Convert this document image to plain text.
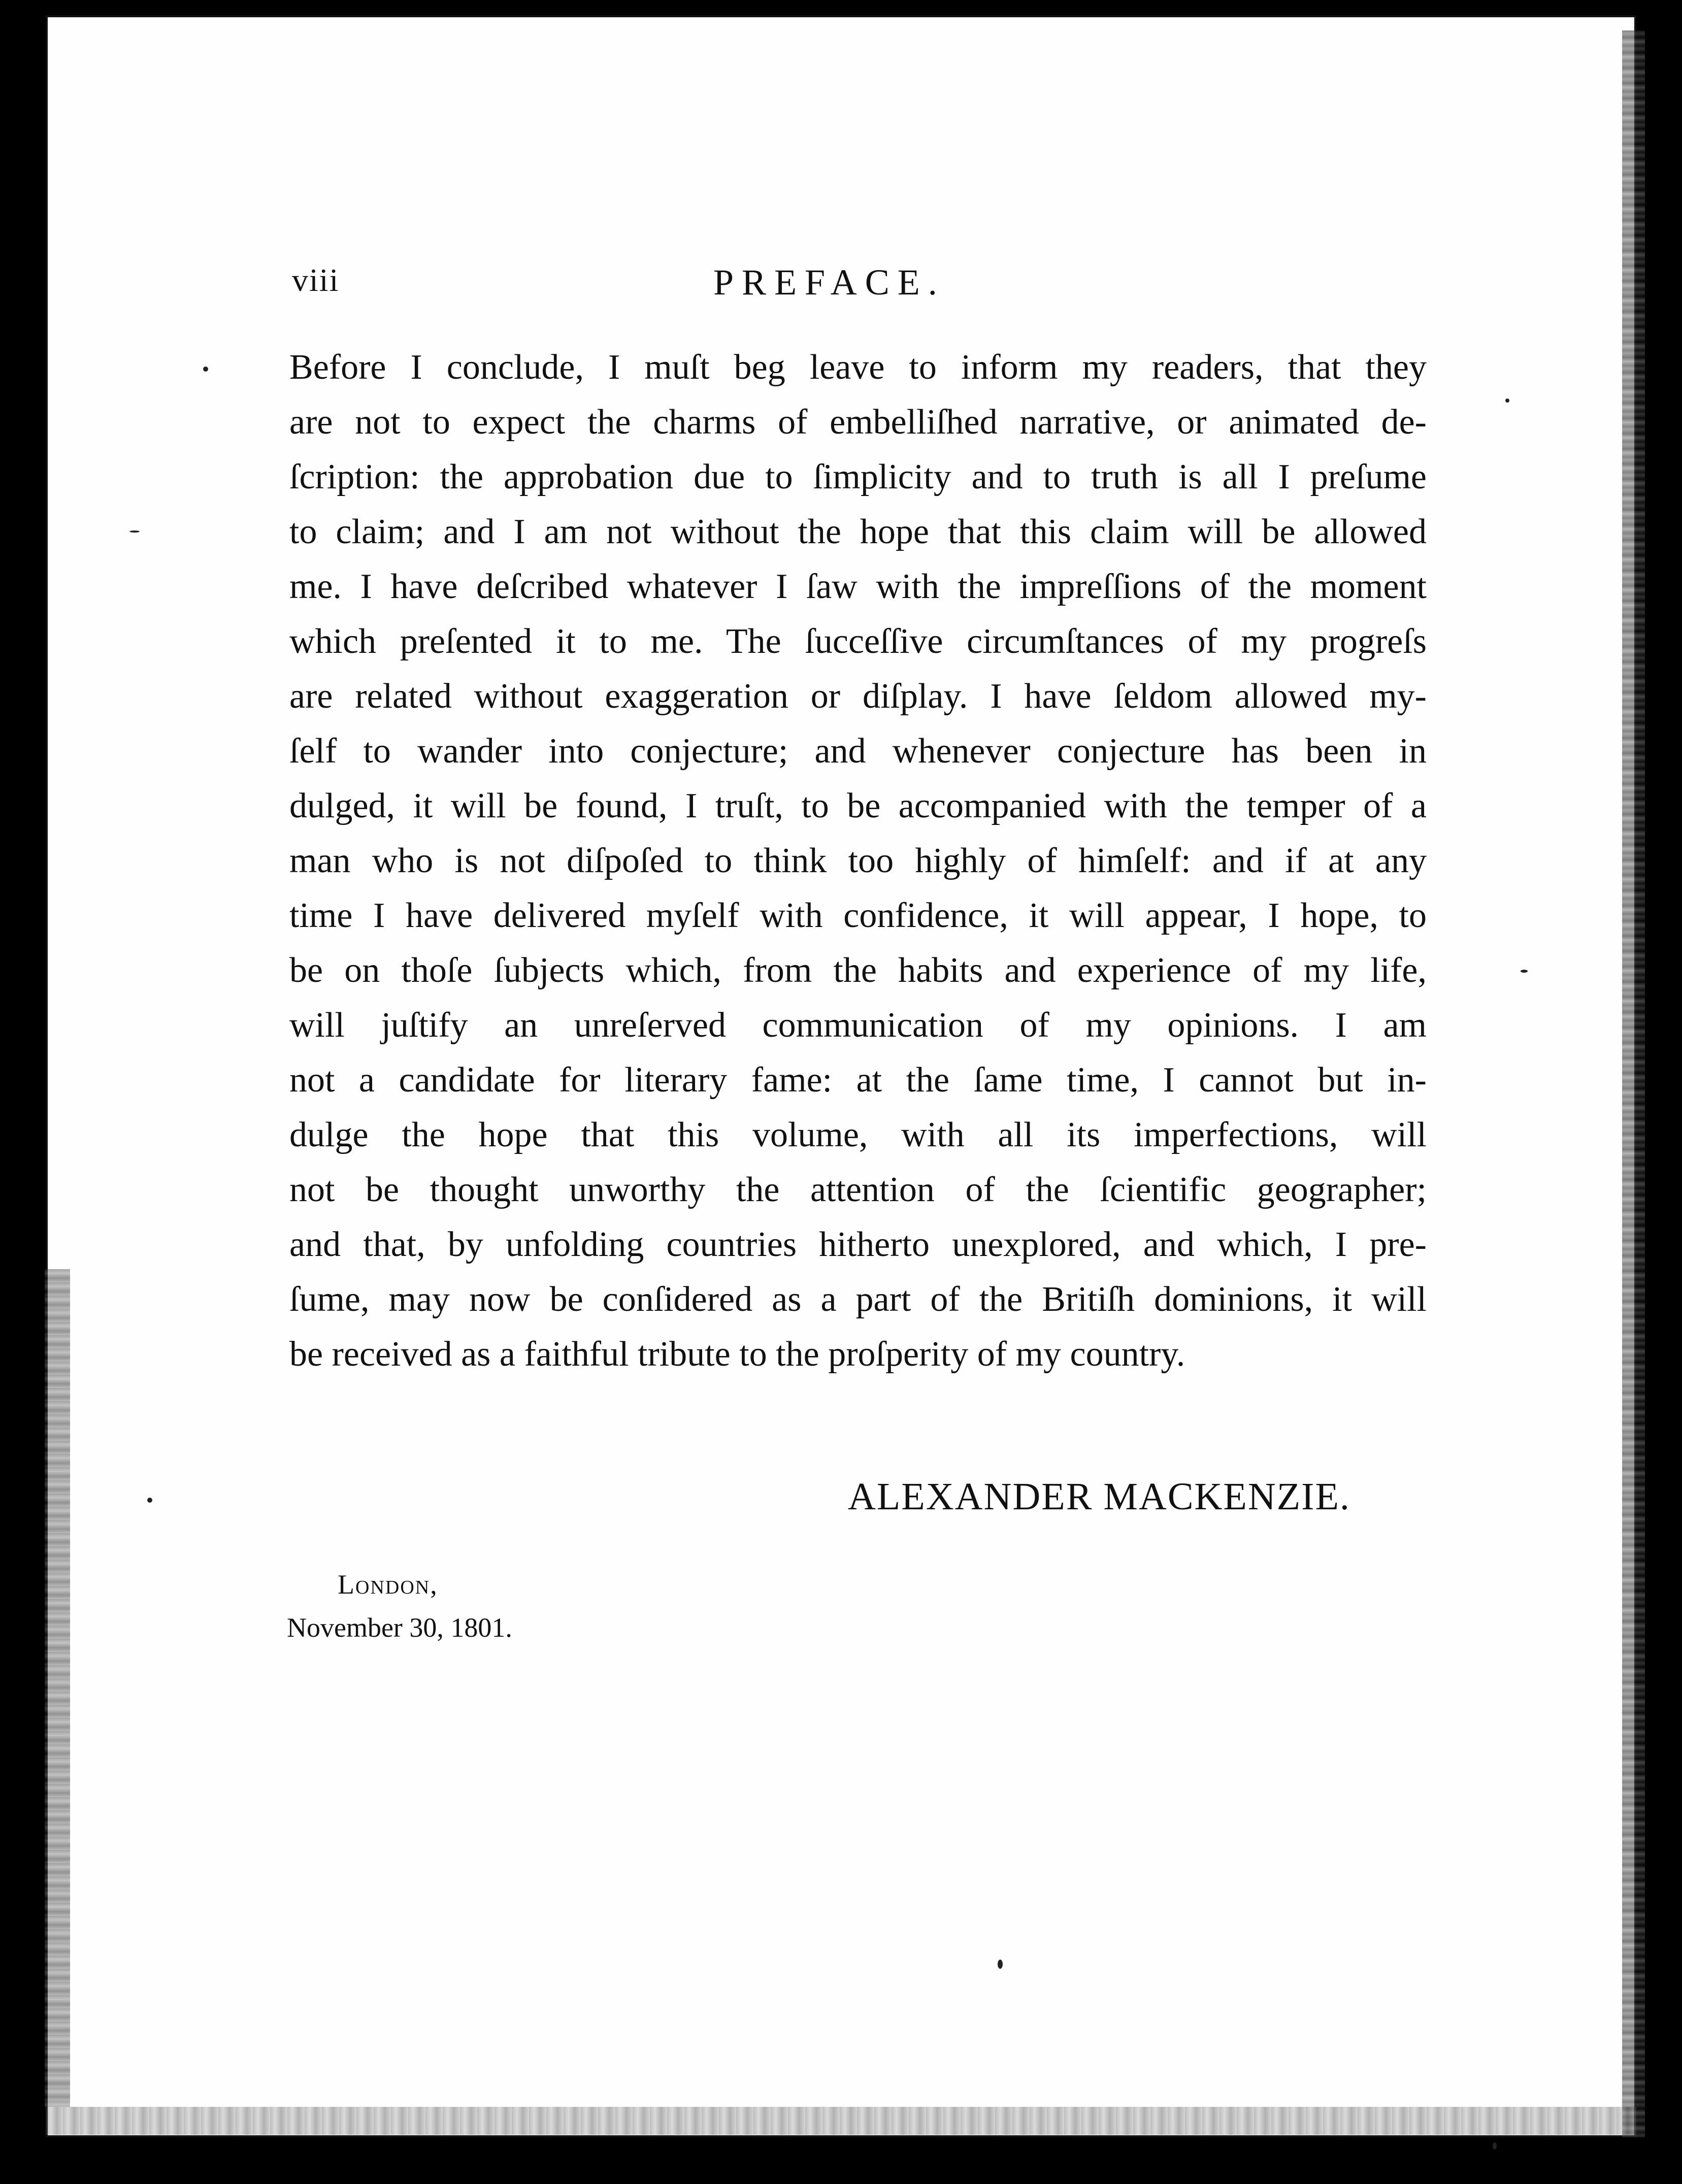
viii	PREFACE.
Before I conclude, I muſt beg leave to inform my readers, that they
are not to expect the charms of embelliſhed narrative, or animated de-
ſcription: the approbation due to ſimplicity and to truth is all I preſume
to claim; and I am not without the hope that this claim will be allowed
me. I have deſcribed whatever I ſaw with the impreſſions of the moment
which preſented it to me. The ſucceſſive circumſtances of my progreſs
are related without exaggeration or diſplay. I have ſeldom allowed my-
ſelf to wander into conjecture; and whenever conjecture has been in
dulged, it will be found, I truſt, to be accompanied with the temper of a
man who is not diſpoſed to think too highly of himſelf: and if at any
time I have delivered myſelf with confidence, it will appear, I hope, to
be on thoſe ſubjects which, from the habits and experience of my life,
will juſtify an unreſerved communication of my opinions. I am
not a candidate for literary fame: at the ſame time, I cannot but in-
dulge the hope that this volume, with all its imperfections, will
not be thought unworthy the attention of the ſcientific geographer;
and that, by unfolding countries hitherto unexplored, and which, I pre-
ſume, may now be conſidered as a part of the Britiſh dominions, it will
be received as a faithful tribute to the proſperity of my country.
ALEXANDER MACKENZIE.
London,
November 30, 1801.
